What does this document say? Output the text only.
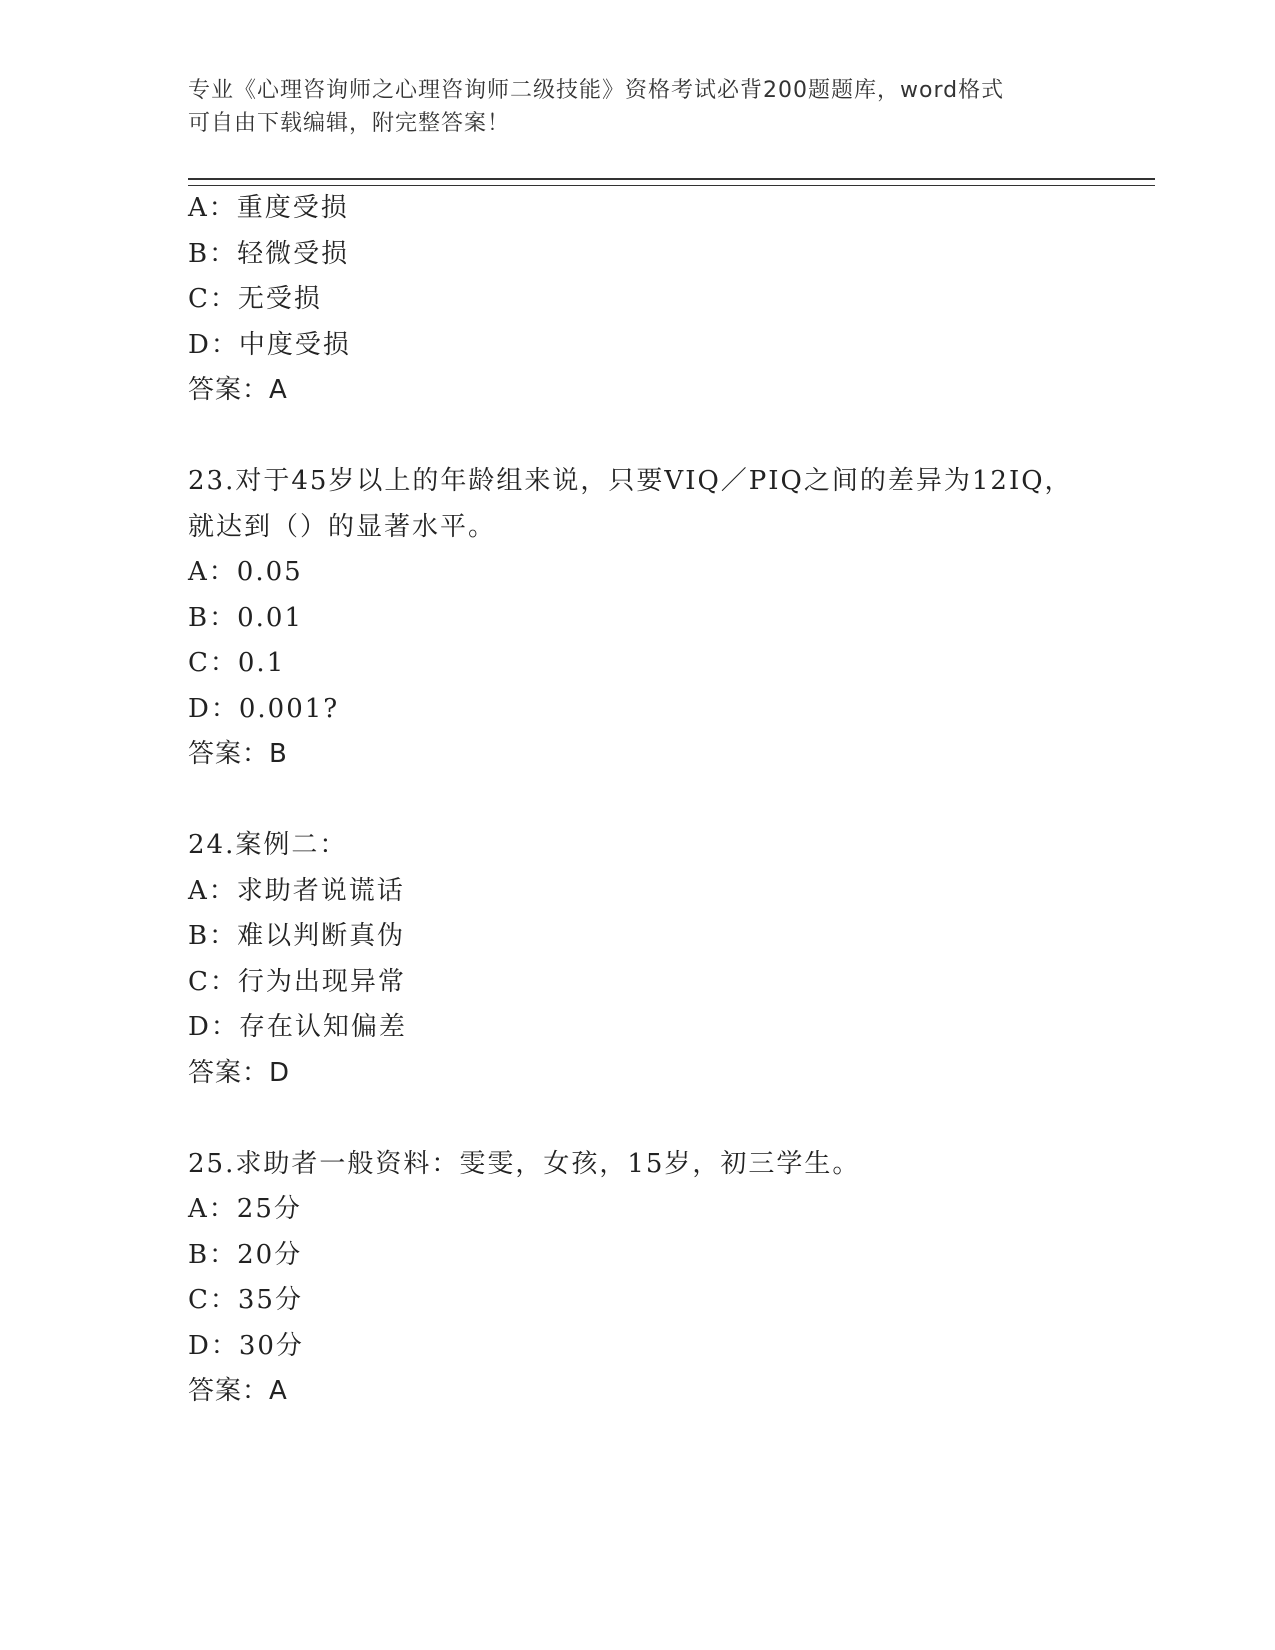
专业《心理咨询师之心理咨询师二级技能》资格考试必背200题题库，word格式
可自由下载编辑，附完整答案！
A：重度受损
B：轻微受损
C：无受损
D：中度受损
答案：A
23.对于45岁以上的年龄组来说，只要VIQ／PIQ之间的差异为12IQ，
就达到（）的显著水平。
A：0.05
B：0.01
C：0.1
D：0.001?
答案：B
24.案例二：
A：求助者说谎话
B：难以判断真伪
C：行为出现异常
D：存在认知偏差
答案：D
25.求助者一般资料：雯雯，女孩，15岁，初三学生。
A：25分
B：20分
C：35分
D：30分
答案：A
